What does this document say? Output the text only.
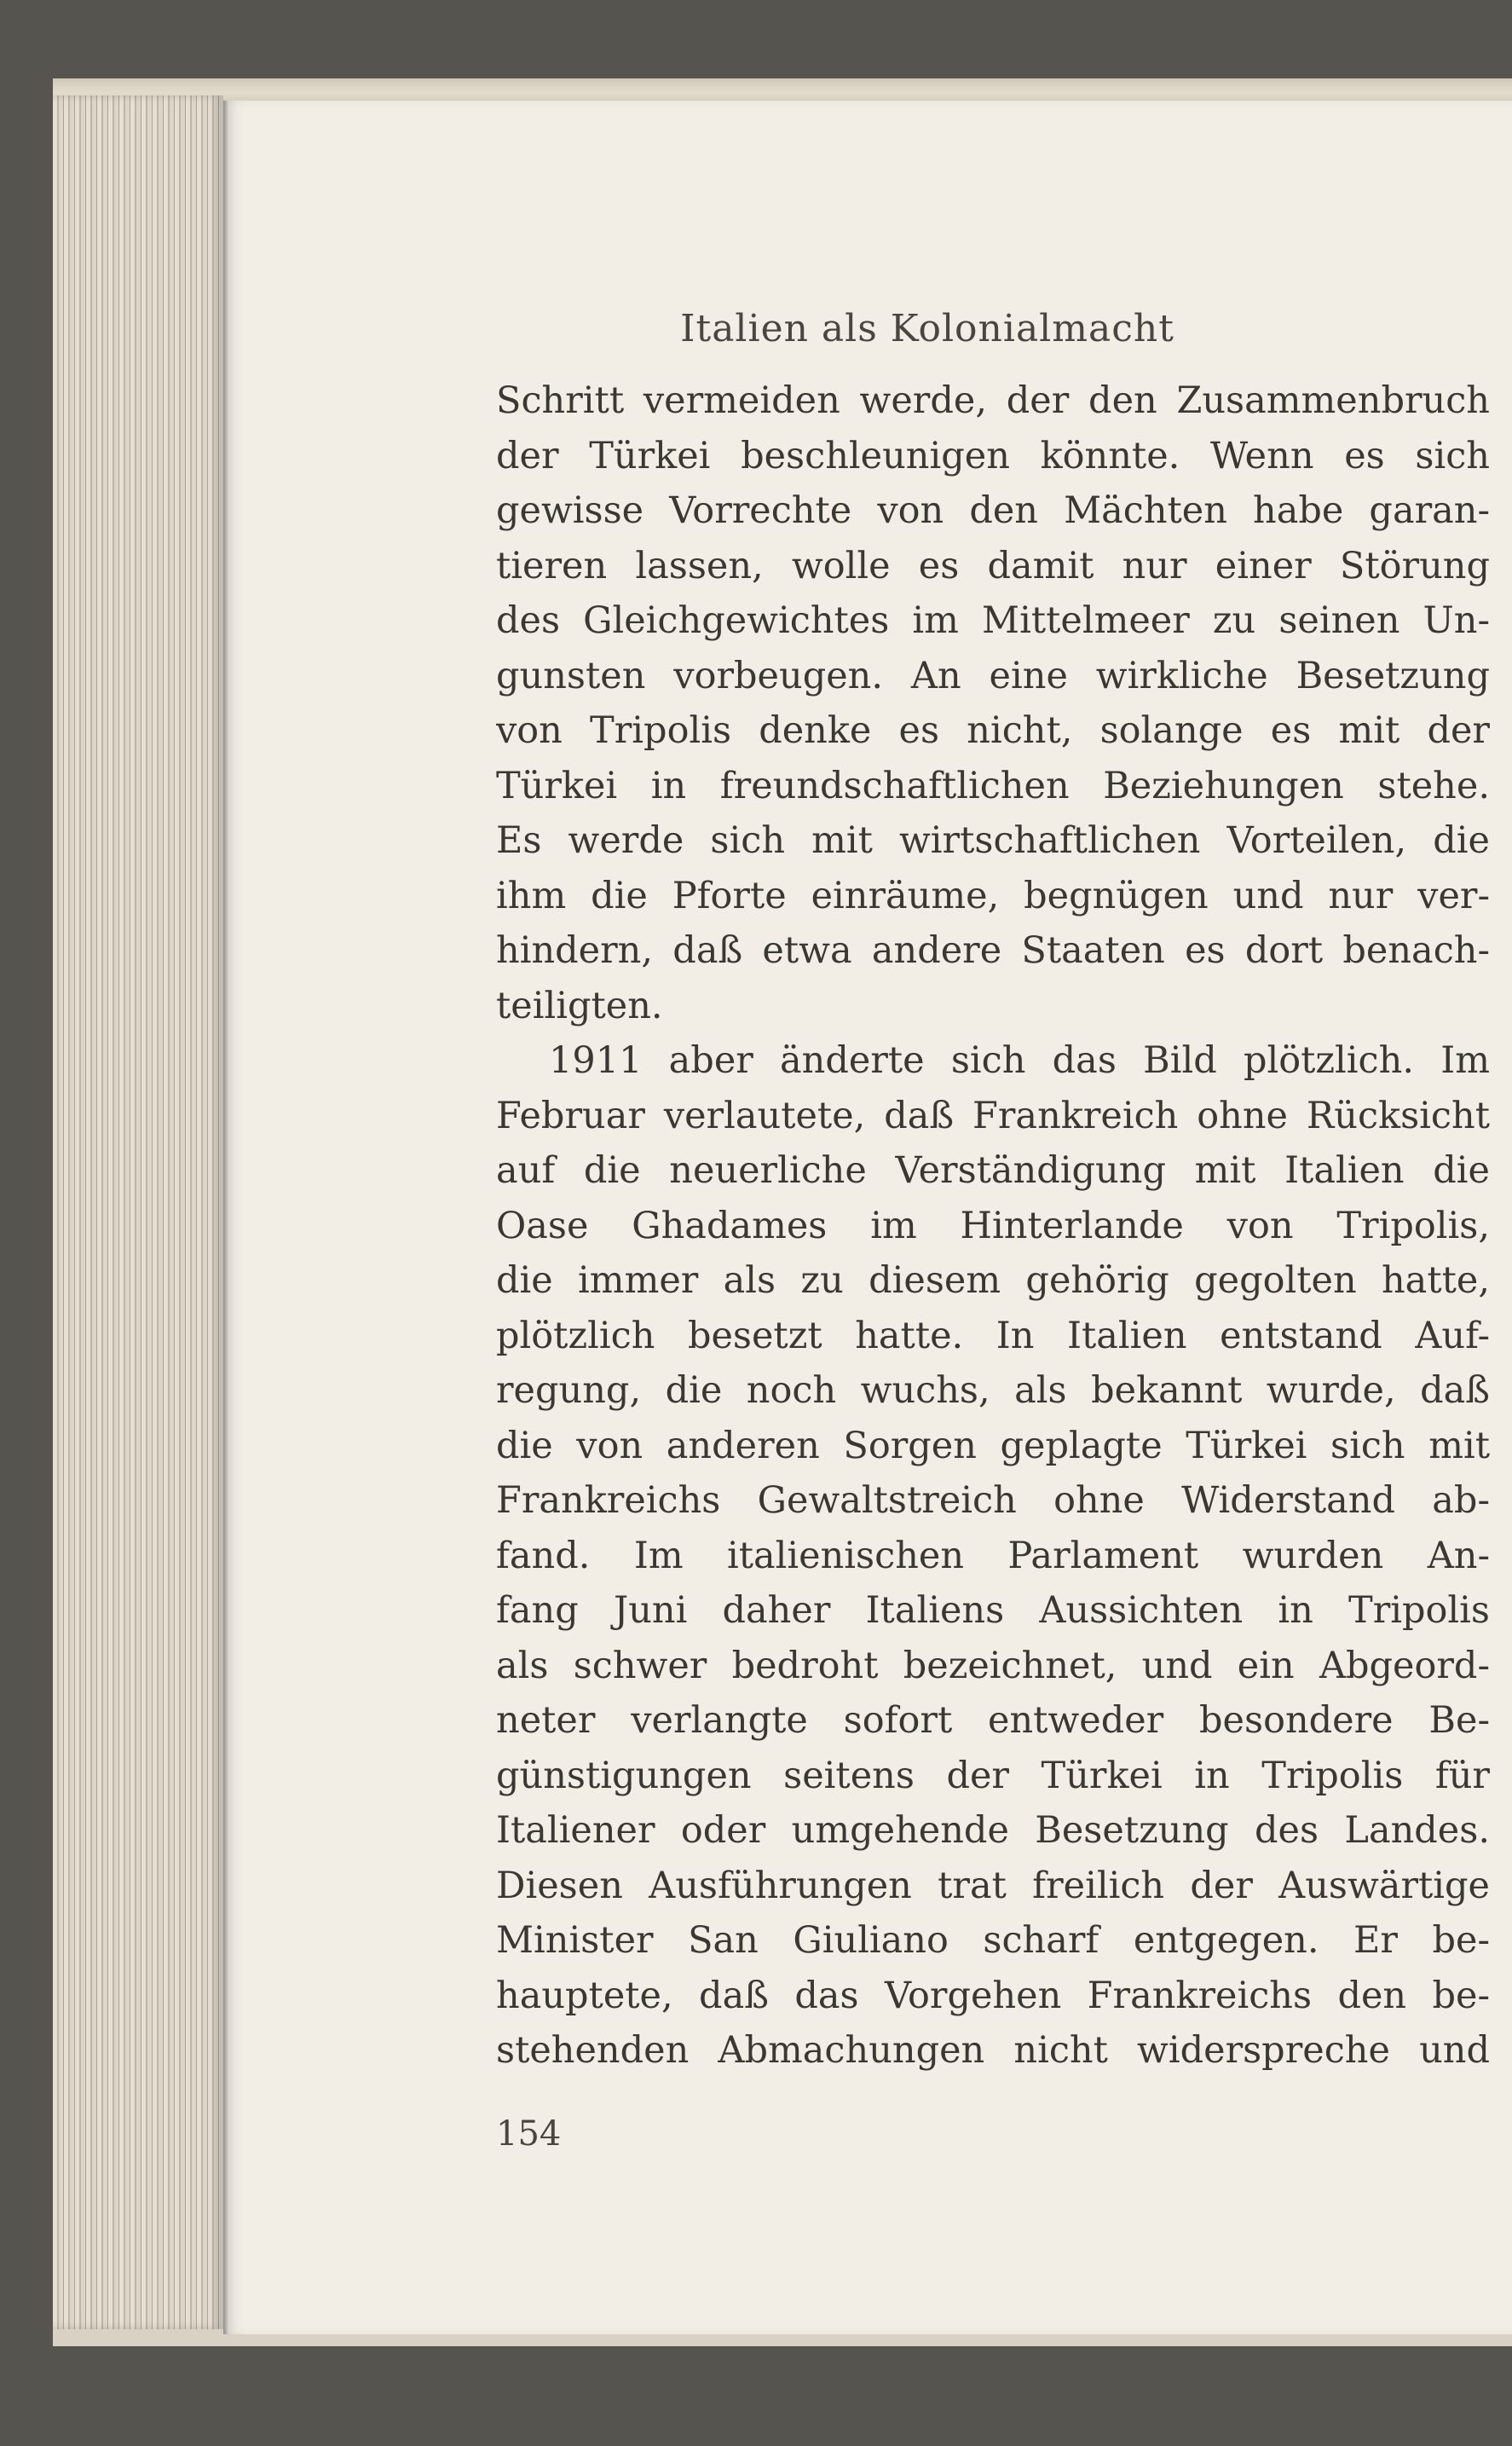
Italien als Kolonialmacht
Schritt vermeiden werde, der den Zusammenbruch
der Türkei beschleunigen könnte. Wenn es sich
gewisse Vorrechte von den Mächten habe garan-
tieren lassen, wolle es damit nur einer Störung
des Gleichgewichtes im Mittelmeer zu seinen Un-
gunsten vorbeugen. An eine wirkliche Besetzung
von Tripolis denke es nicht, solange es mit der
Türkei in freundschaftlichen Beziehungen stehe.
Es werde sich mit wirtschaftlichen Vorteilen, die
ihm die Pforte einräume, begnügen und nur ver-
hindern, daß etwa andere Staaten es dort benach-
teiligten.
1911 aber änderte sich das Bild plötzlich. Im
Februar verlautete, daß Frankreich ohne Rücksicht
auf die neuerliche Verständigung mit Italien die
Oase Ghadames im Hinterlande von Tripolis,
die immer als zu diesem gehörig gegolten hatte,
plötzlich besetzt hatte. In Italien entstand Auf-
regung, die noch wuchs, als bekannt wurde, daß
die von anderen Sorgen geplagte Türkei sich mit
Frankreichs Gewaltstreich ohne Widerstand ab-
fand. Im italienischen Parlament wurden An-
fang Juni daher Italiens Aussichten in Tripolis
als schwer bedroht bezeichnet, und ein Abgeord-
neter verlangte sofort entweder besondere Be-
günstigungen seitens der Türkei in Tripolis für
Italiener oder umgehende Besetzung des Landes.
Diesen Ausführungen trat freilich der Auswärtige
Minister San Giuliano scharf entgegen. Er be-
hauptete, daß das Vorgehen Frankreichs den be-
stehenden Abmachungen nicht widerspreche und
154
